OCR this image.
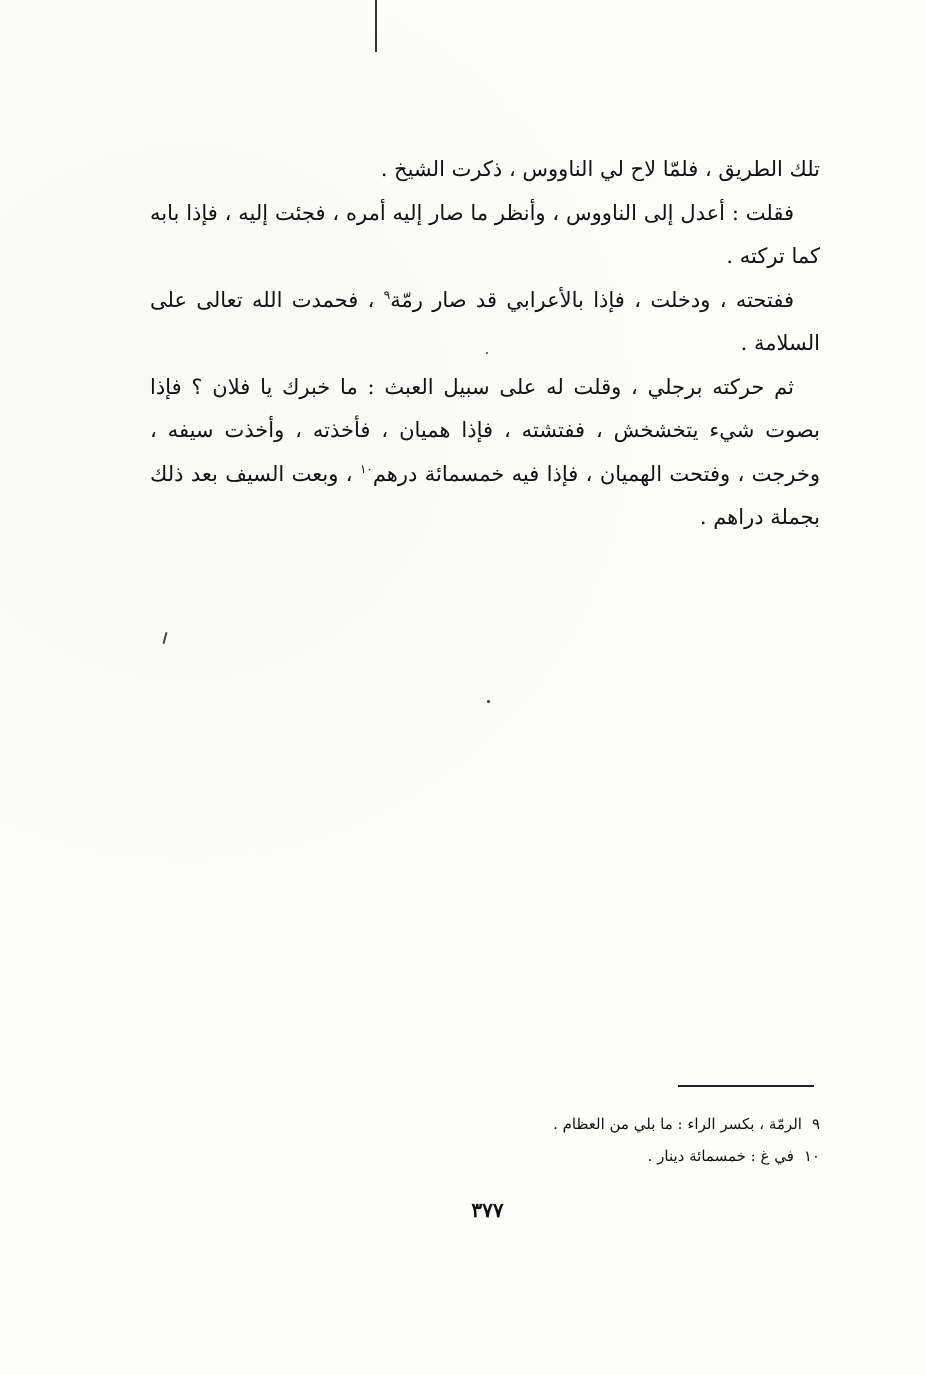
تلك الطريق ، فلمّا لاح لي الناووس ، ذكرت الشيخ .

فقلت : أعدل إلى الناووس ، وأنظر ما صار إليه أمره ، فجئت إليه ، فإذا بابه كما تركته .

ففتحته ، ودخلت ، فإذا بالأعرابي قد صار رمّة$^٩$ ، فحمدت الله تعالى على السلامة .

ثم حركته برجلي ، وقلت له على سبيل العبث : ما خبرك يا فلان ؟ فإذا بصوت شيء يتخشخش ، ففتشته ، فإذا هميان ، فأخذته ، وأخذت سيفه ، وخرجت ، وفتحت الهميان ، فإذا فيه خمسمائة درهم$^{١٠}$ ، وبعت السيف بعد ذلك بجملة دراهم .

٩الرمّة ، بكسر الراء : ما بلي من العظام .

١٠في غ : خمسمائة دينار .

٣٧٧
